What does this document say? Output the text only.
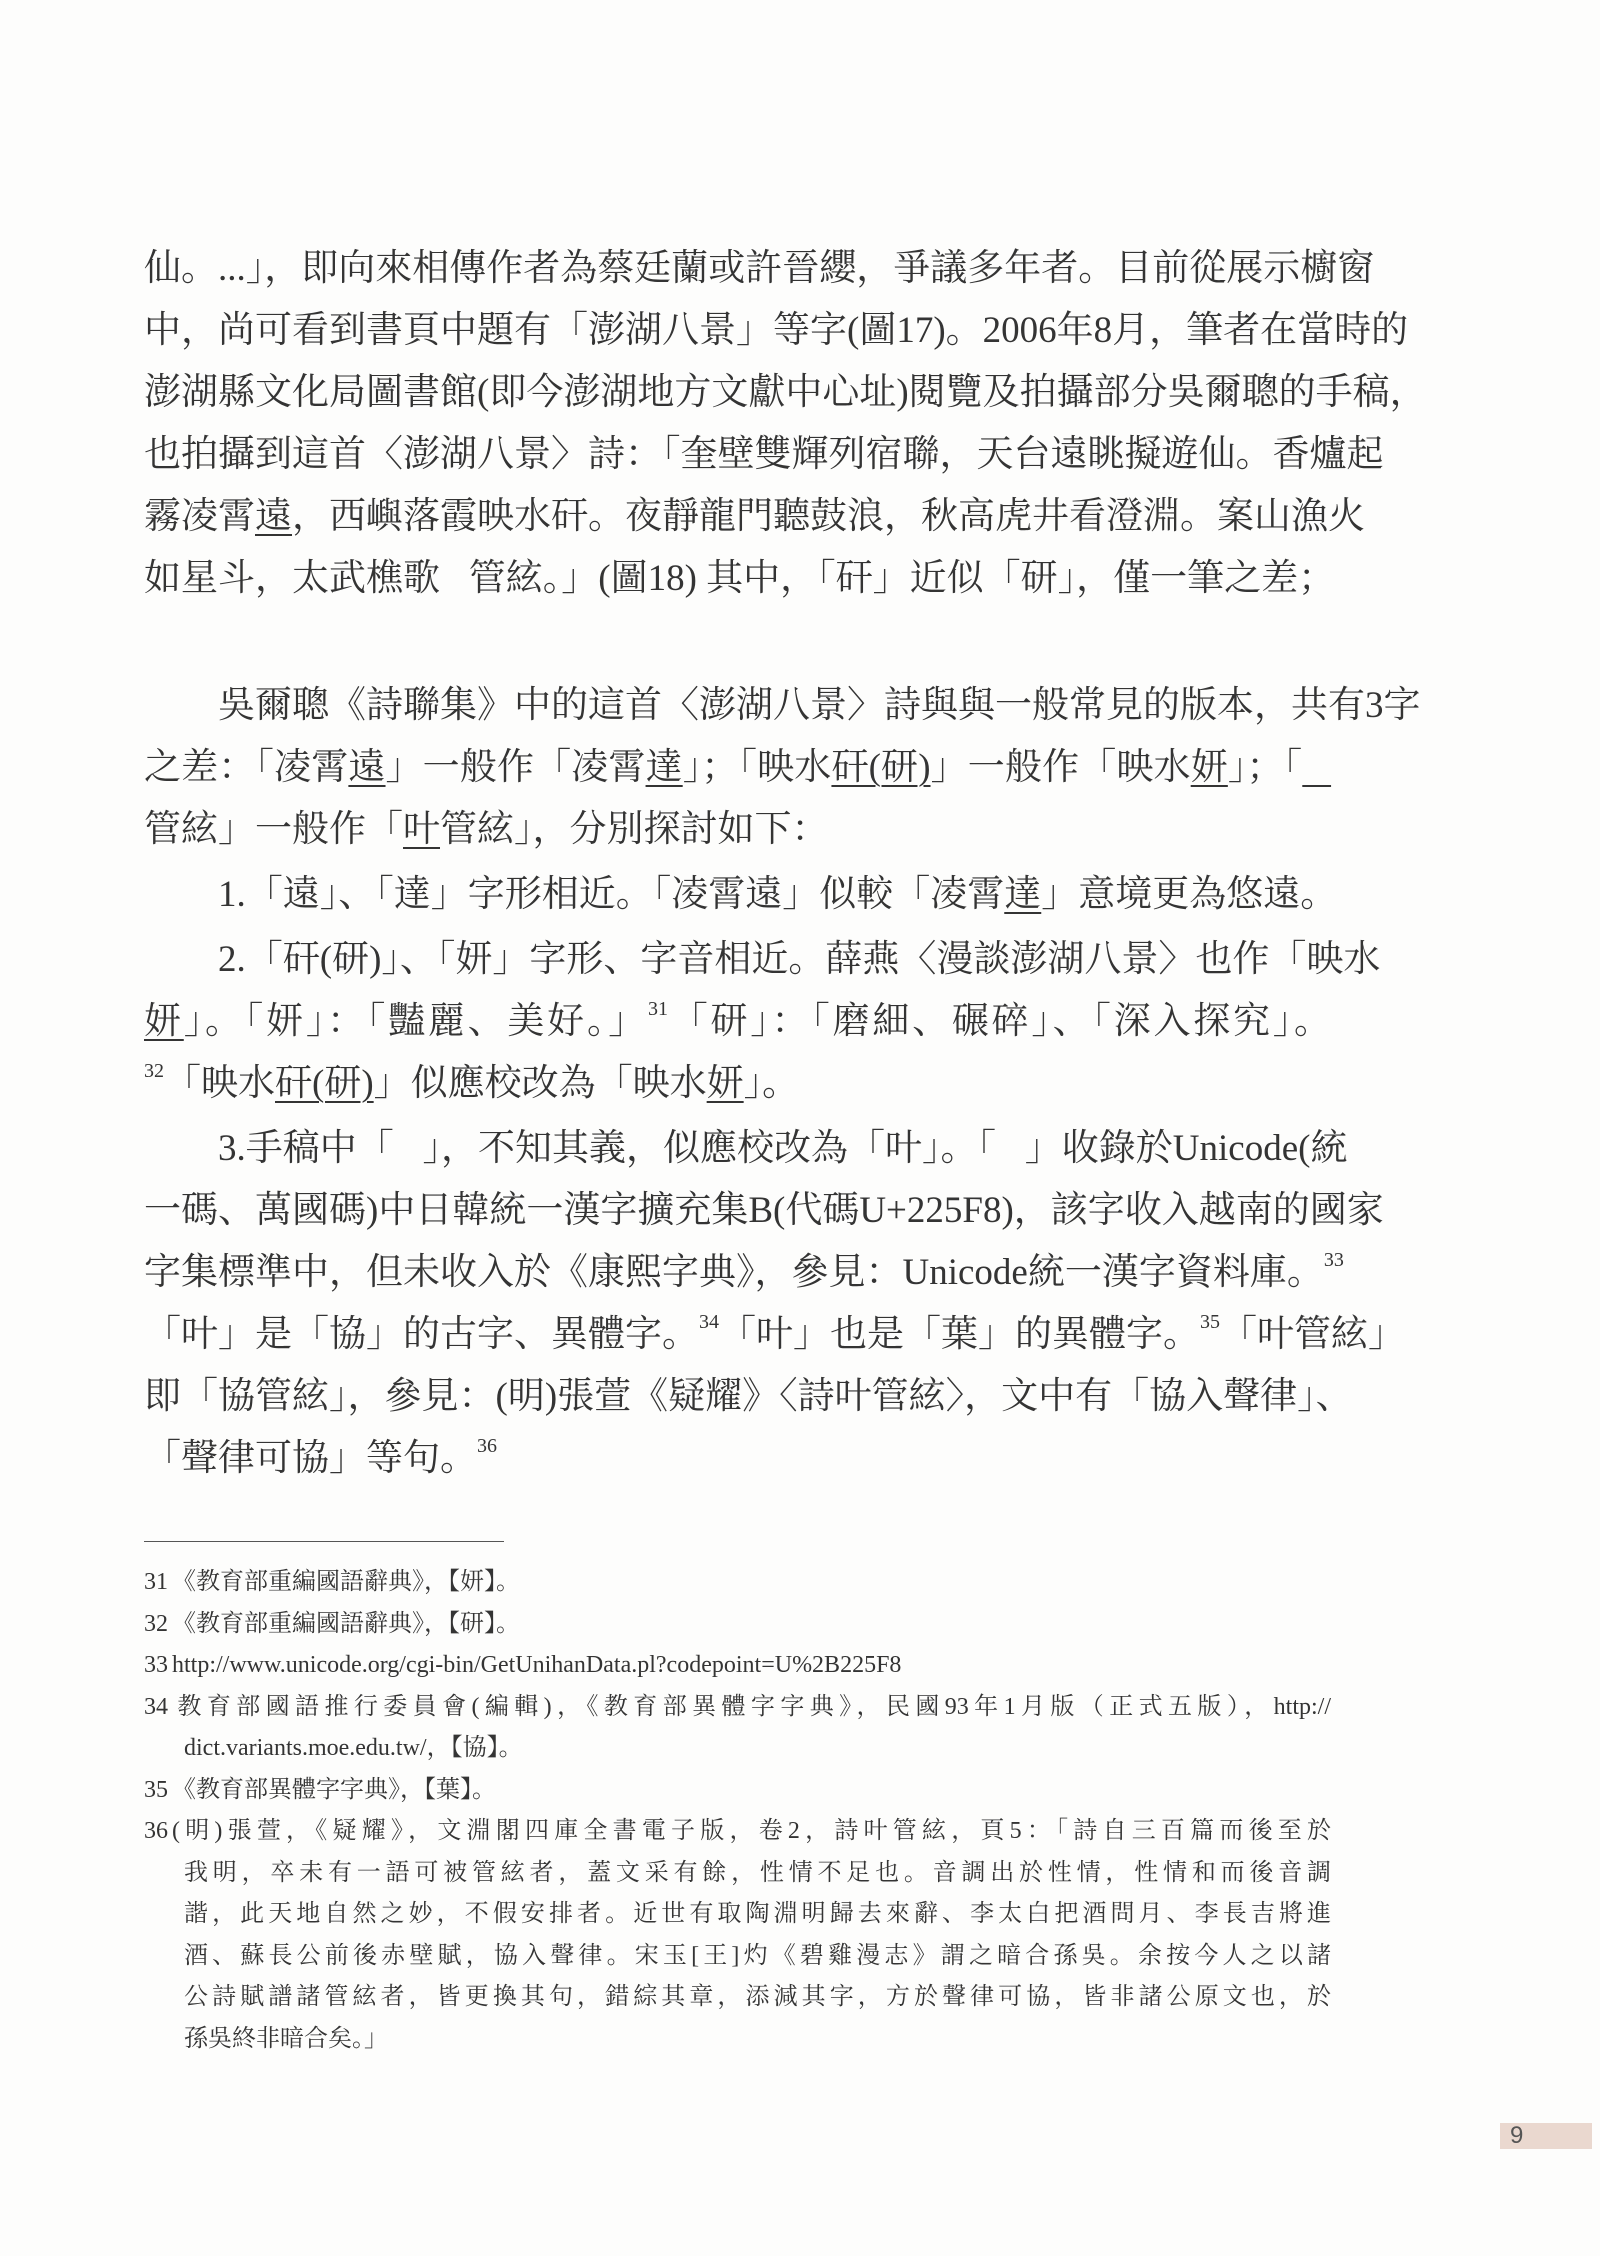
仙。...」，即向來相傳作者為蔡廷蘭或許晉纓，爭議多年者。目前從展示櫥窗
中，尚可看到書頁中題有「澎湖八景」等字(圖17)。2006年8月，筆者在當時的
澎湖縣文化局圖書館(即今澎湖地方文獻中心址)閱覽及拍攝部分吳爾聰的手稿，
也拍攝到這首〈澎湖八景〉詩：「奎壁雙輝列宿聯，天台遠眺擬遊仙。香爐起
霧凌霄遠，西嶼落霞映水矸。夜靜龍門聽鼓浪，秋高虎井看澄淵。案山漁火
如星斗，太武樵歌𢗸管絃。」(圖18) 其中，「矸」近似「研」，僅一筆之差；
「𢗸」有連筆，不知其字義。
吳爾聰《詩聯集》中的這首〈澎湖八景〉詩與與一般常見的版本，共有3字
之差：「凌霄遠」一般作「凌霄達」；「映水矸(研)」一般作「映水妍」；「𢗸
管絃」一般作「叶管絃」，分別探討如下：
1.「遠」、「達」字形相近。「凌霄遠」似較「凌霄達」意境更為悠遠。
2.「矸(研)」、「妍」字形、字音相近。薛燕〈漫談澎湖八景〉也作「映水
妍」。「妍」：「豔麗、美好。」$^{31}$「研」：「磨細、碾碎」、「深入探究」。
$^{32}$「映水矸(研)」似應校改為「映水妍」。
3.手稿中「𢗸」，不知其義，似應校改為「叶」。「𢗸」收錄於Unicode(統
一碼、萬國碼)中日韓統一漢字擴充集B(代碼U+225F8)，該字收入越南的國家
字集標準中，但未收入於《康熙字典》，參見：Unicode統一漢字資料庫。$^{33}$
「叶」是「協」的古字、異體字。$^{34}$「叶」也是「葉」的異體字。$^{35}$「叶管絃」
即「協管絃」，參見：(明)張萱《疑耀》〈詩叶管絃〉，文中有「協入聲律」、
「聲律可協」等句。$^{36}$
31 《教育部重編國語辭典》，【妍】。
32 《教育部重編國語辭典》，【研】。
33 http://www.unicode.org/cgi-bin/GetUnihanData.pl?codepoint=U%2B225F8
34 教育部國語推行委員會(編輯)，《教育部異體字字典》，民國93年1月版（正式五版），http://
dict.variants.moe.edu.tw/，【協】。
35 《教育部異體字字典》，【葉】。
36 (明)張萱，《疑耀》，文淵閣四庫全書電子版，卷2，詩叶管絃，頁5：「詩自三百篇而後至於
我明，卒未有一語可被管絃者，蓋文采有餘，性情不足也。音調出於性情，性情和而後音調
諧，此天地自然之妙，不假安排者。近世有取陶淵明歸去來辭、李太白把酒問月、李長吉將進
酒、蘇長公前後赤壁賦，協入聲律。宋玉[王]灼《碧雞漫志》謂之暗合孫吳。余按今人之以諸
公詩賦譜諸管絃者，皆更換其句，錯綜其章，添減其字，方於聲律可協，皆非諸公原文也，於
孫吳終非暗合矣。」
9
